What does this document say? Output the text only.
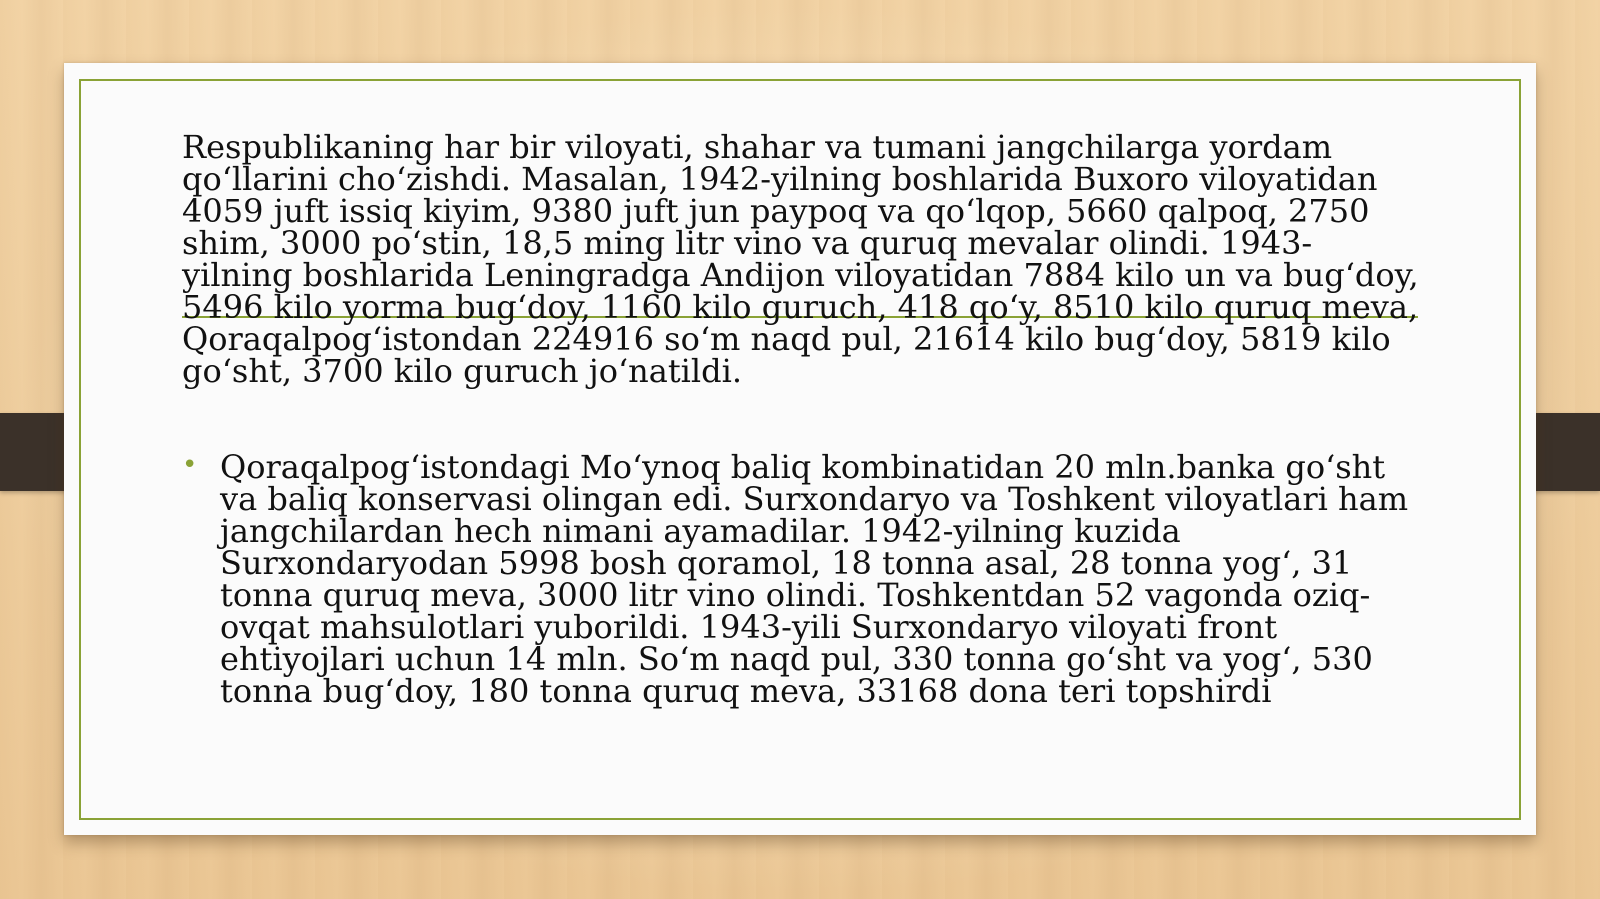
Respublikaning har bir viloyati, shahar va tumani jangchilarga yordam qo‘llarini cho‘zishdi. Masalan, 1942-yilning boshlarida Buxoro viloyatidan 4059 juft issiq kiyim, 9380 juft jun paypoq va qo‘lqop, 5660 qalpoq, 2750 shim, 3000 po‘stin, 18,5 ming litr vino va quruq mevalar olindi. 1943-yilning boshlarida Leningradga Andijon viloyatidan 7884 kilo un va bug‘doy, 5496 kilo yorma bug‘doy, 1160 kilo guruch, 418 qo‘y, 8510 kilo quruq meva, Qoraqalpog‘istondan 224916 so‘m naqd pul, 21614 kilo bug‘doy, 5819 kilo go‘sht, 3700 kilo guruch jo‘natildi.

• Qoraqalpog‘istondagi Mo‘ynoq baliq kombinatidan 20 mln.banka go‘sht va baliq konservasi olingan edi. Surxondaryo va Toshkent viloyatlari ham jangchilardan hech nimani ayamadilar. 1942-yilning kuzida Surxondaryodan 5998 bosh qoramol, 18 tonna asal, 28 tonna yog‘, 31 tonna quruq meva, 3000 litr vino olindi. Toshkentdan 52 vagonda oziq-ovqat mahsulotlari yuborildi. 1943-yili Surxondaryo viloyati front ehtiyojlari uchun 14 mln. So‘m naqd pul, 330 tonna go‘sht va yog‘, 530 tonna bug‘doy, 180 tonna quruq meva, 33168 dona teri topshirdi
